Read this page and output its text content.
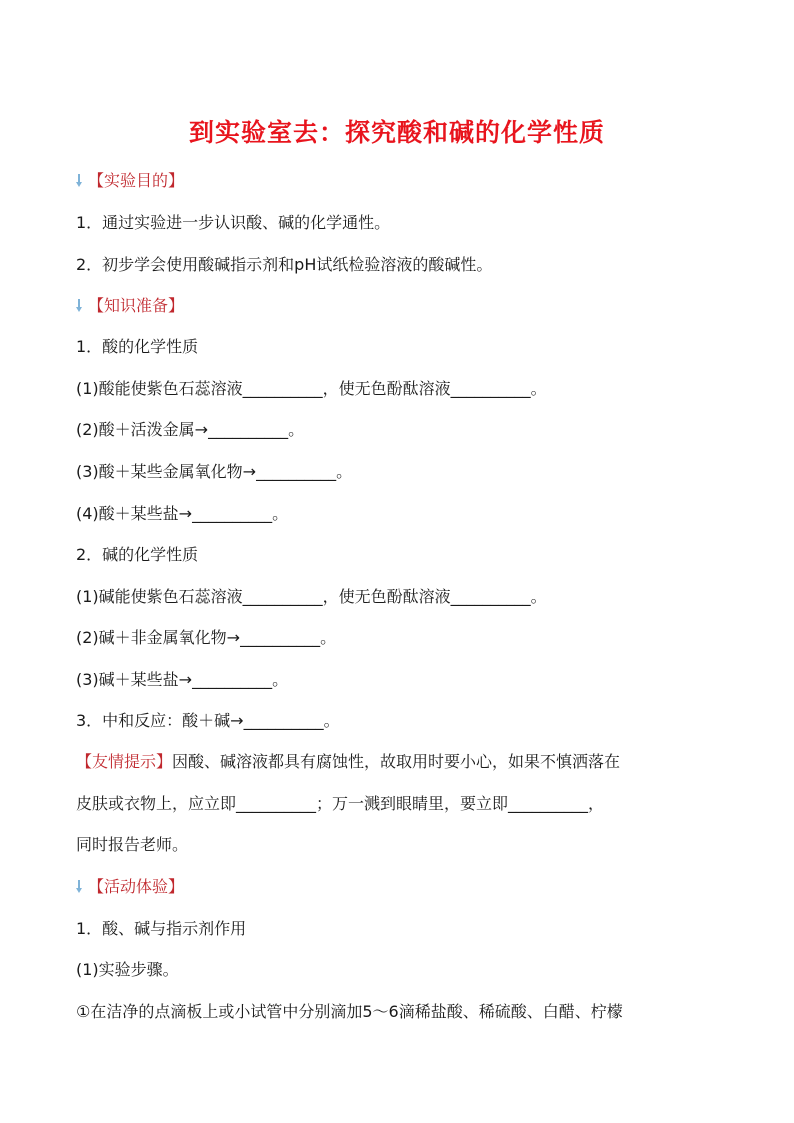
到实验室去：探究酸和碱的化学性质
【实验目的】
1．通过实验进一步认识酸、碱的化学通性。
2．初步学会使用酸碱指示剂和pH试纸检验溶液的酸碱性。
【知识准备】
1．酸的化学性质
(1)酸能使紫色石蕊溶液__________，使无色酚酞溶液__________。
(2)酸＋活泼金属→__________。
(3)酸＋某些金属氧化物→__________。
(4)酸＋某些盐→__________。
2．碱的化学性质
(1)碱能使紫色石蕊溶液__________，使无色酚酞溶液__________。
(2)碱＋非金属氧化物→__________。
(3)碱＋某些盐→__________。
3．中和反应：酸＋碱→__________。
【友情提示】因酸、碱溶液都具有腐蚀性，故取用时要小心，如果不慎洒落在
皮肤或衣物上，应立即__________；万一溅到眼睛里，要立即__________，
同时报告老师。
【活动体验】
1．酸、碱与指示剂作用
(1)实验步骤。
①在洁净的点滴板上或小试管中分别滴加5～6滴稀盐酸、稀硫酸、白醋、柠檬
